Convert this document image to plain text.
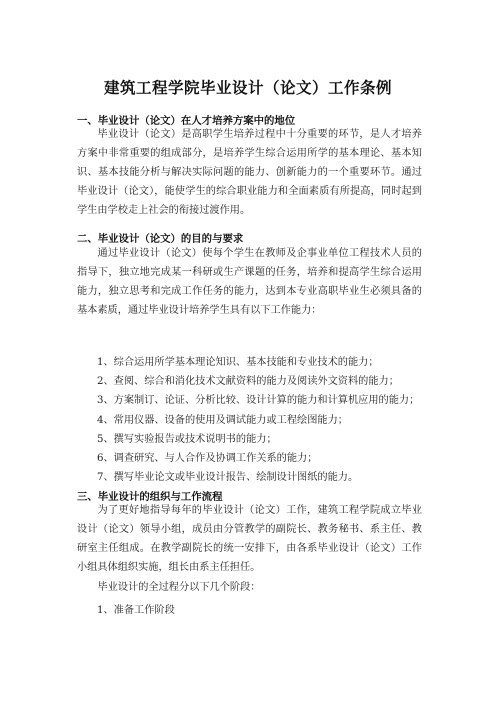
建筑工程学院毕业设计（论文）工作条例
一、毕业设计（论文）在人才培养方案中的地位

毕业设计（论文）是高职学生培养过程中十分重要的环节，是人才培养方案中非常重要的组成部分，是培养学生综合运用所学的基本理论、基本知识、基本技能分析与解决实际问题的能力、创新能力的一个重要环节。通过毕业设计（论文），能使学生的综合职业能力和全面素质有所提高，同时起到学生由学校走上社会的衔接过渡作用。

二、毕业设计（论文）的目的与要求

通过毕业设计（论文）使每个学生在教师及企事业单位工程技术人员的指导下，独立地完成某一科研或生产课题的任务，培养和提高学生综合运用能力，独立思考和完成工作任务的能力，达到本专业高职毕业生必须具备的基本素质，通过毕业设计培养学生具有以下工作能力：

1、综合运用所学基本理论知识、基本技能和专业技术的能力；
2、查阅、综合和消化技术文献资料的能力及阅读外文资料的能力；
3、方案制订、论证、分析比较、设计计算的能力和计算机应用的能力；
4、常用仪器、设备的使用及调试能力或工程绘图能力；
5、撰写实验报告或技术说明书的能力；
6、调查研究、与人合作及协调工作关系的能力；
7、撰写毕业论文或毕业设计报告、绘制设计图纸的能力。
三、毕业设计的组织与工作流程

为了更好地指导每年的毕业设计（论文）工作，建筑工程学院成立毕业设计（论文）领导小组，成员由分管教学的副院长、教务秘书、系主任、教研室主任组成。在教学副院长的统一安排下，由各系毕业设计（论文）工作小组具体组织实施，组长由系主任担任。

毕业设计的全过程分以下几个阶段：

1、准备工作阶段
